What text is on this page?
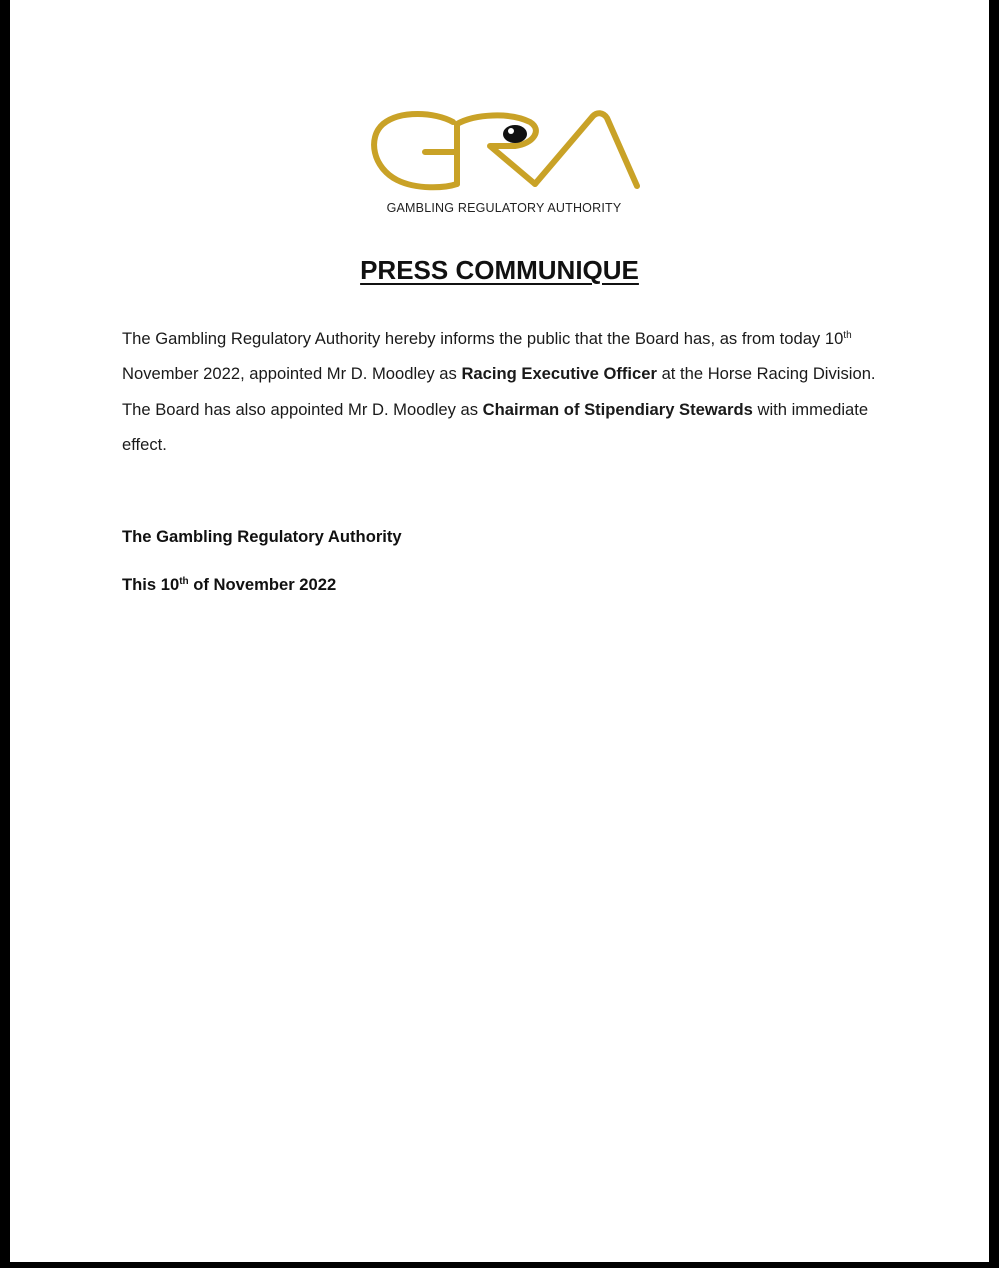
GAMBLING REGULATORY AUTHORITY
PRESS COMMUNIQUE
The Gambling Regulatory Authority hereby informs the public that the Board has, as from today 10th November 2022, appointed Mr D. Moodley as Racing Executive Officer at the Horse Racing Division. The Board has also appointed Mr D. Moodley as Chairman of Stipendiary Stewards with immediate effect.
The Gambling Regulatory Authority
This 10th of November 2022
